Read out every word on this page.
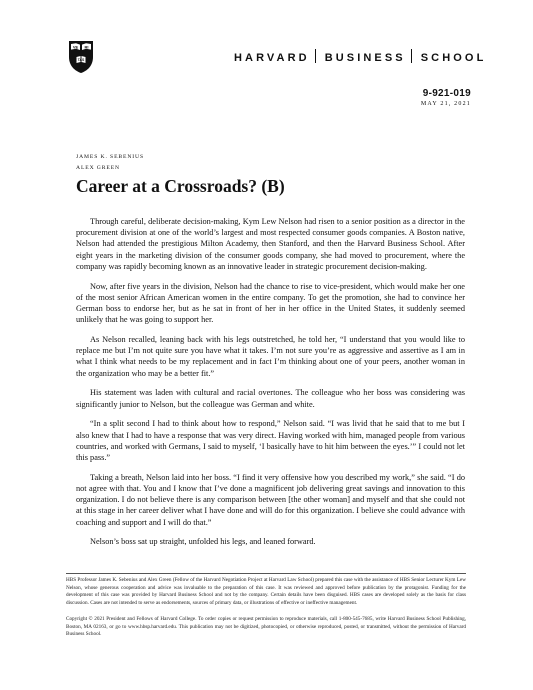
VE RI
TAS	HARVARD BUSINESS SCHOOL
9-921-019
MAY 21, 2021
JAMES K. SEBENIUS
ALEX GREEN
Career at a Crossroads? (B)

Through careful, deliberate decision-making, Kym Lew Nelson had risen to a senior position as a director in the procurement division at one of the world’s largest and most respected consumer goods companies. A Boston native, Nelson had attended the prestigious Milton Academy, then Stanford, and then the Harvard Business School. After eight years in the marketing division of the consumer goods company, she had moved to procurement, where the company was rapidly becoming known as an innovative leader in strategic procurement decision-making.

Now, after five years in the division, Nelson had the chance to rise to vice-president, which would make her one of the most senior African American women in the entire company. To get the promotion, she had to convince her German boss to endorse her, but as he sat in front of her in her office in the United States, it suddenly seemed unlikely that he was going to support her.

As Nelson recalled, leaning back with his legs outstretched, he told her, “I understand that you would like to replace me but I’m not quite sure you have what it takes. I’m not sure you’re as aggressive and assertive as I am in what I think what needs to be my replacement and in fact I’m thinking about one of your peers, another woman in the organization who may be a better fit.”

His statement was laden with cultural and racial overtones. The colleague who her boss was considering was significantly junior to Nelson, but the colleague was German and white.

“In a split second I had to think about how to respond,” Nelson said. “I was livid that he said that to me but I also knew that I had to have a response that was very direct. Having worked with him, managed people from various countries, and worked with Germans, I said to myself, ‘I basically have to hit him between the eyes.’” I could not let this pass.”

Taking a breath, Nelson laid into her boss. “I find it very offensive how you described my work,” she said. “I do not agree with that. You and I know that I’ve done a magnificent job delivering great savings and innovation to this organization. I do not believe there is any comparison between [the other woman] and myself and that she could not at this stage in her career deliver what I have done and will do for this organization. I believe she could advance with coaching and support and I will do that.”

Nelson’s boss sat up straight, unfolded his legs, and leaned forward.

HBS Professor James K. Sebenius and Alex Green (Fellow of the Harvard Negotiation Project at Harvard Law School) prepared this case with the assistance of HBS Senior Lecturer Kym Lew Nelson, whose generous cooperation and advice was invaluable to the preparation of this case. It was reviewed and approved before publication by the protagonist. Funding for the development of this case was provided by Harvard Business School and not by the company. Certain details have been disguised. HBS cases are developed solely as the basis for class discussion. Cases are not intended to serve as endorsements, sources of primary data, or illustrations of effective or ineffective management.
Copyright © 2021 President and Fellows of Harvard College. To order copies or request permission to reproduce materials, call 1-800-545-7685, write Harvard Business School Publishing, Boston, MA 02163, or go to www.hbsp.harvard.edu. This publication may not be digitized, photocopied, or otherwise reproduced, posted, or transmitted, without the permission of Harvard Business School.
